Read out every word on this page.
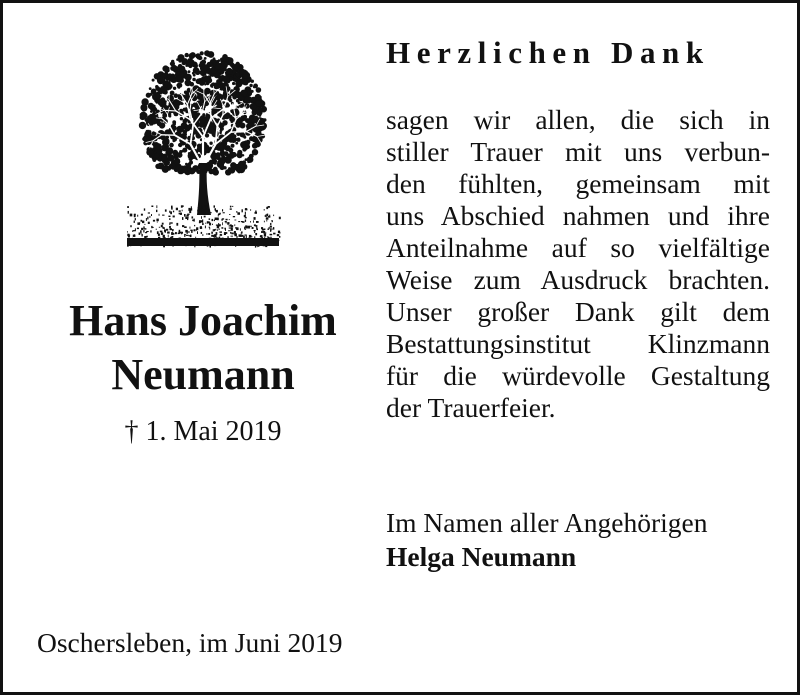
Hans Joachim
Neumann
† 1. Mai 2019
Herzlichen Dank
sagen wir allen, die sich in
stiller Trauer mit uns verbun-
den fühlten, gemeinsam mit
uns Abschied nahmen und ihre
Anteilnahme auf so vielfältige
Weise zum Ausdruck brachten.
Unser großer Dank gilt dem
Bestattungsinstitut Klinzmann
für die würdevolle Gestaltung
der Trauerfeier.
Im Namen aller Angehörigen
Helga Neumann
Oschersleben, im Juni 2019
